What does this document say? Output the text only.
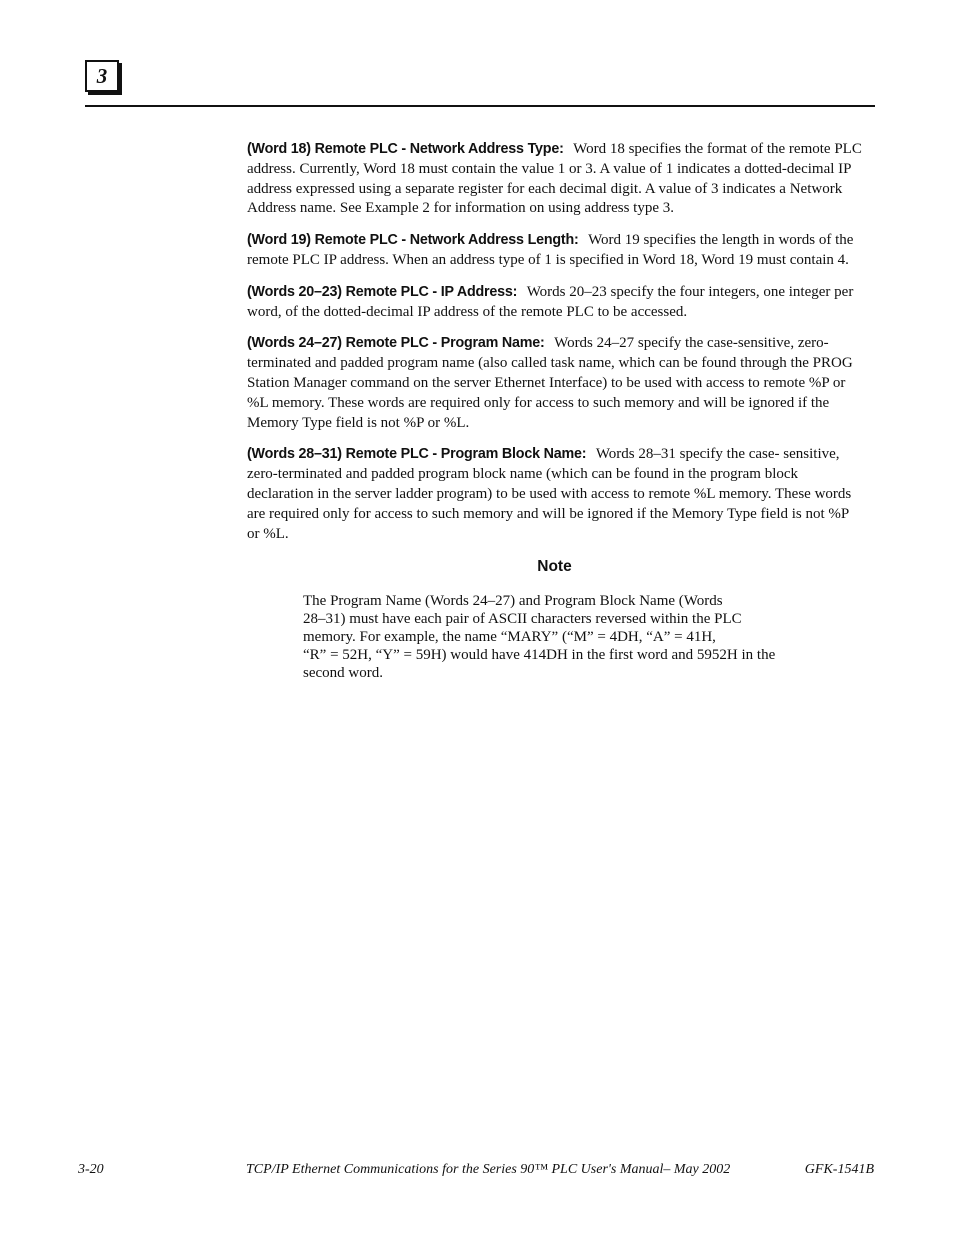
3

(Word 18) Remote PLC - Network Address Type: Word 18 specifies the format of the remote PLC address. Currently, Word 18 must contain the value 1 or 3. A value of 1 indicates a dotted-decimal IP address expressed using a separate register for each decimal digit. A value of 3 indicates a Network Address name. See Example 2 for information on using address type 3.

(Word 19) Remote PLC - Network Address Length: Word 19 specifies the length in words of the remote PLC IP address. When an address type of 1 is specified in Word 18, Word 19 must contain 4.

(Words 20–23) Remote PLC - IP Address: Words 20–23 specify the four integers, one integer per word, of the dotted-decimal IP address of the remote PLC to be accessed.

(Words 24–27) Remote PLC - Program Name: Words 24–27 specify the case-sensitive, zero-terminated and padded program name (also called task name, which can be found through the PROG Station Manager command on the server Ethernet Interface) to be used with access to remote %P or %L memory. These words are required only for access to such memory and will be ignored if the Memory Type field is not %P or %L.

(Words 28–31) Remote PLC - Program Block Name: Words 28–31 specify the case- sensitive, zero-terminated and padded program block name (which can be found in the program block declaration in the server ladder program) to be used with access to remote %L memory. These words are required only for access to such memory and will be ignored if the Memory Type field is not %P or %L.

Note
The Program Name (Words 24–27) and Program Block Name (Words
28–31) must have each pair of ASCII characters reversed within the PLC
memory. For example, the name “MARY” (“M” = 4DH, “A” = 41H,
“R” = 52H, “Y” = 59H) would have 414DH in the first word and 5952H in the
second word.
3-20	TCP/IP Ethernet Communications for the Series 90™ PLC User's Manual– May 2002	GFK-1541B
